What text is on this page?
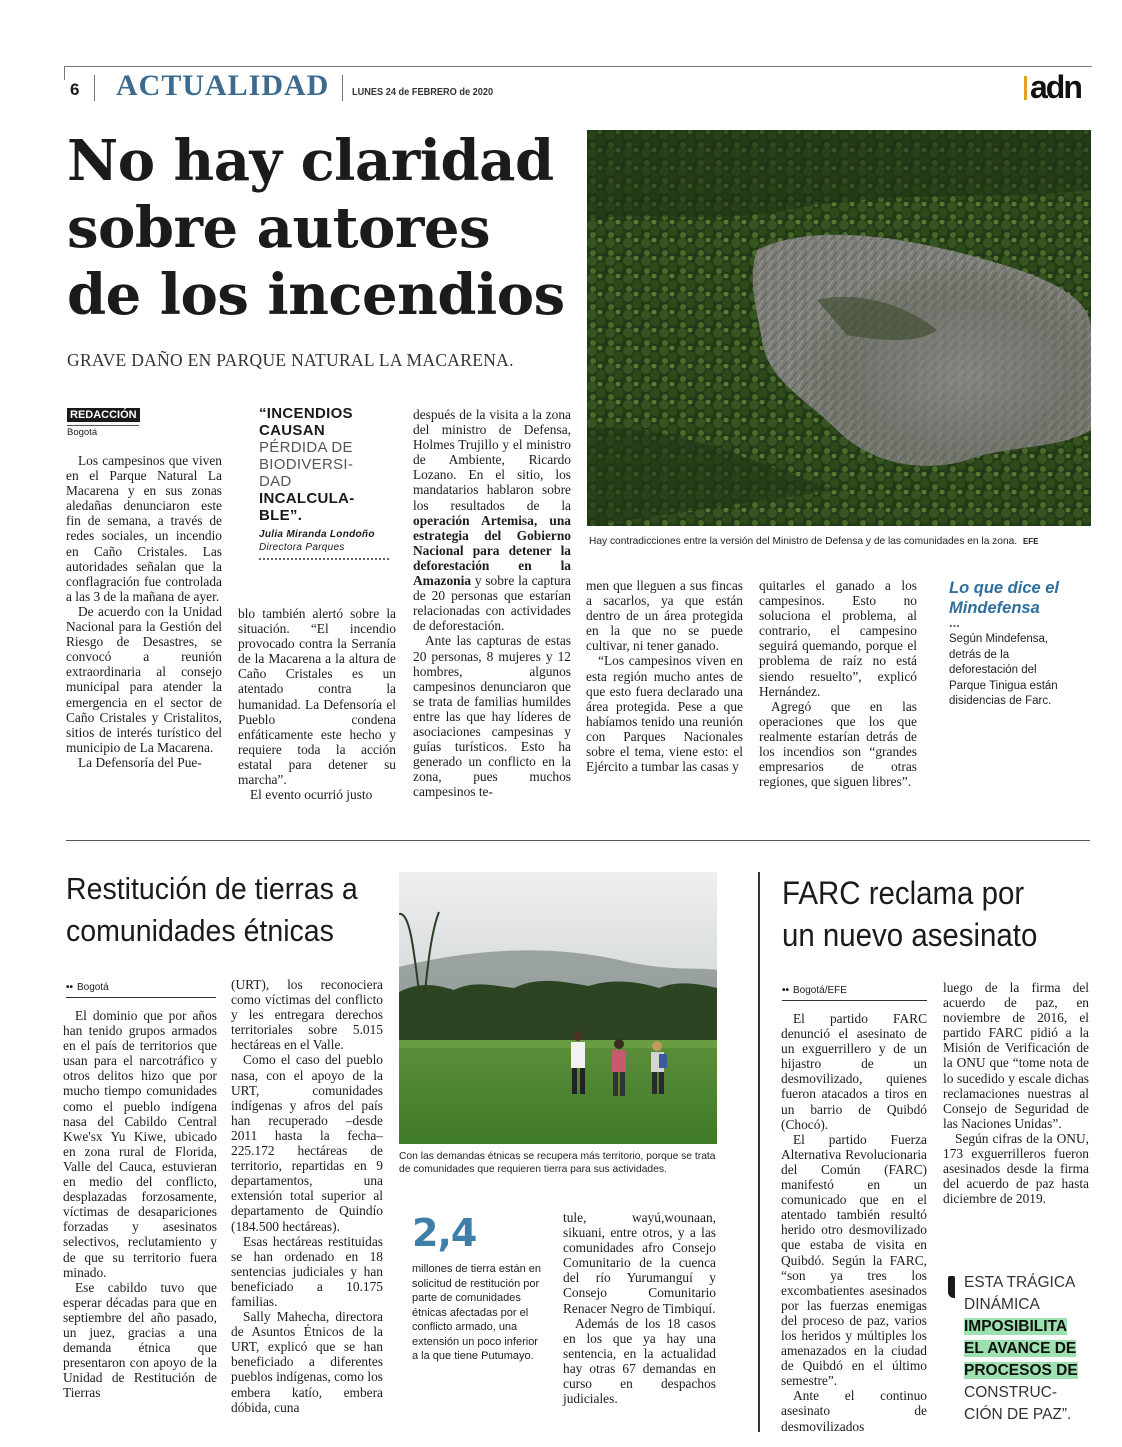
6 ACTUALIDAD LUNES 24 de FEBRERO de 2020	adn
No hay claridad
sobre autores
de los incendios
GRAVE DAÑO EN PARQUE NATURAL LA MACARENA.
Hay contradicciones entre la versión del Ministro de Defensa y de las comunidades en la zona. EFE
REDACCIÓN
Bogotá

Los campesinos que viven en el Parque Natural La Macarena y en sus zonas aledañas denunciaron este fin de semana, a través de redes sociales, un incendio en Caño Cristales. Las autoridades señalan que la conflagración fue controlada a las 3 de la mañana de ayer.

De acuerdo con la Unidad Nacional para la Gestión del Riesgo de Desastres, se convocó a reunión extraordinaria al consejo municipal para atender la emergencia en el sector de Caño Cristales y Cristalitos, sitios de interés turístico del municipio de La Macarena.

La Defensoría del Pue-

“INCENDIOS
CAUSAN
PÉRDIDA DE
BIODIVERSI-
DAD
INCALCULA-
BLE”.
Julia Miranda Londoño
Directora Parques

blo también alertó sobre la situación. “El incendio provocado contra la Serranía de la Macarena a la altura de Caño Cristales es un atentado contra la humanidad. La Defensoría el Pueblo condena enfáticamente este hecho y requiere toda la acción estatal para detener su marcha”.

El evento ocurrió justo

después de la visita a la zona del ministro de Defensa, Holmes Trujillo y el ministro de Ambiente, Ricardo Lozano. En el sitio, los mandatarios hablaron sobre los resultados de la operación Artemisa, una estrategia del Gobierno Nacional para detener la deforestación en la Amazonia y sobre la captura de 20 personas que estarían relacionadas con actividades de deforestación.

Ante las capturas de estas 20 personas, 8 mujeres y 12 hombres, algunos campesinos denunciaron que se trata de familias humildes entre las que hay líderes de asociaciones campesinas y guías turísticos. Esto ha generado un conflicto en la zona, pues muchos campesinos te-

men que lleguen a sus fincas a sacarlos, ya que están dentro de un área protegida en la que no se puede cultivar, ni tener ganado.

“Los campesinos viven en esta región mucho antes de que esto fuera declarado una área protegida. Pese a que habíamos tenido una reunión con Parques Nacionales sobre el tema, viene esto: el Ejército a tumbar las casas y

quitarles el ganado a los campesinos. Esto no soluciona el problema, al contrario, el campesino seguirá quemando, porque el problema de raíz no está siendo resuelto”, explicó Hernández.

Agregó que en las operaciones que los que realmente estarían detrás de los incendios son “grandes empresarios de otras regiones, que siguen libres”.

Lo que dice el Mindefensa
...
Según Mindefensa, detrás de la deforestación del Parque Tinigua están disidencias de Farc.
Restitución de tierras a
comunidades étnicas
•• Bogotá

El dominio que por años han tenido grupos armados en el país de territorios que usan para el narcotráfico y otros delitos hizo que por mucho tiempo comunidades como el pueblo indígena nasa del Cabildo Central Kwe'sx Yu Kiwe, ubicado en zona rural de Florida, Valle del Cauca, estuvieran en medio del conflicto, desplazadas forzosamente, víctimas de desapariciones forzadas y asesinatos selectivos, reclutamiento y de que su territorio fuera minado.

Ese cabildo tuvo que esperar décadas para que en septiembre del año pasado, un juez, gracias a una demanda étnica que presentaron con apoyo de la Unidad de Restitución de Tierras

(URT), los reconociera como víctimas del conflicto y les entregara derechos territoriales sobre 5.015 hectáreas en el Valle.

Como el caso del pueblo nasa, con el apoyo de la URT, comunidades indígenas y afros del país han recuperado –desde 2011 hasta la fecha– 225.172 hectáreas de territorio, repartidas en 9 departamentos, una extensión total superior al departamento de Quindío (184.500 hectáreas).

Esas hectáreas restituidas se han ordenado en 18 sentencias judiciales y han beneficiado a 10.175 familias.

Sally Mahecha, directora de Asuntos Étnicos de la URT, explicó que se han beneficiado a diferentes pueblos indígenas, como los embera katío, embera dóbida, cuna

Con las demandas étnicas se recupera más territorio, porque se trata de comunidades que requieren tierra para sus actividades.
2,4
millones de tierra están en solicitud de restitución por parte de comunidades étnicas afectadas por el conflicto armado, una extensión un poco inferior a la que tiene Putumayo.

tule, wayú,wounaan, sikuani, entre otros, y a las comunidades afro Consejo Comunitario de la cuenca del río Yurumanguí y Consejo Comunitario Renacer Negro de Timbiquí.

Además de los 18 casos en los que ya hay una sentencia, en la actualidad hay otras 67 demandas en curso en despachos judiciales.

FARC reclama por
un nuevo asesinato
•• Bogotá/EFE

El partido FARC denunció el asesinato de un exguerrillero y de un hijastro de un desmovilizado, quienes fueron atacados a tiros en un barrio de Quibdó (Chocó).

El partido Fuerza Alternativa Revolucionaria del Común (FARC) manifestó en un comunicado que en el atentado también resultó herido otro desmovilizado que estaba de visita en Quibdó. Según la FARC, “son ya tres los excombatientes asesinados por las fuerzas enemigas del proceso de paz, varios los heridos y múltiples los amenazados en la ciudad de Quibdó en el último semestre”.

Ante el continuo asesinato de desmovilizados

luego de la firma del acuerdo de paz, en noviembre de 2016, el partido FARC pidió a la Misión de Verificación de la ONU que “tome nota de lo sucedido y escale dichas reclamaciones nuestras al Consejo de Seguridad de las Naciones Unidas”.

Según cifras de la ONU, 173 exguerrilleros fueron asesinados desde la firma del acuerdo de paz hasta diciembre de 2019.

ESTA TRÁGICA
DINÁMICA
IMPOSIBILITA
EL AVANCE DE
PROCESOS DE
CONSTRUC-
CIÓN DE PAZ”.
